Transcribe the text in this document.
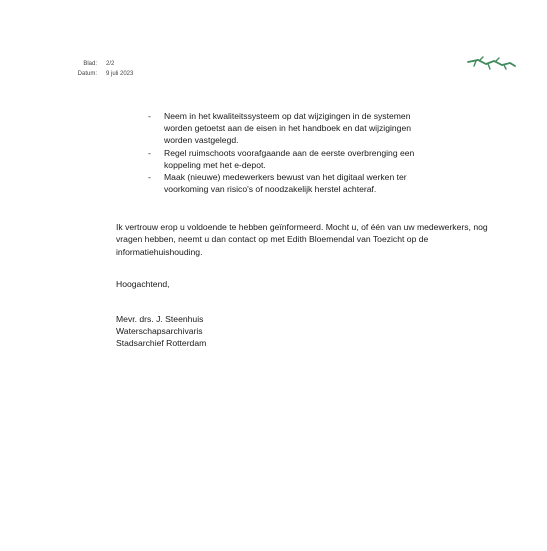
Blad:	2/2
Datum:	9 juli 2023
- Neem in het kwaliteitssysteem op dat wijzigingen in de systemen worden getoetst aan de eisen in het handboek en dat wijzigingen worden vastgelegd.
- Regel ruimschoots voorafgaande aan de eerste overbrenging een koppeling met het e-depot.
- Maak (nieuwe) medewerkers bewust van het digitaal werken ter voorkoming van risico's of noodzakelijk herstel achteraf.

Ik vertrouw erop u voldoende te hebben geïnformeerd. Mocht u, of één van uw medewerkers, nog vragen hebben, neemt u dan contact op met Edith Bloemendal van Toezicht op de informatiehuishouding.

Hoogachtend,

Mevr. drs. J. Steenhuis
Waterschapsarchivaris
Stadsarchief Rotterdam
